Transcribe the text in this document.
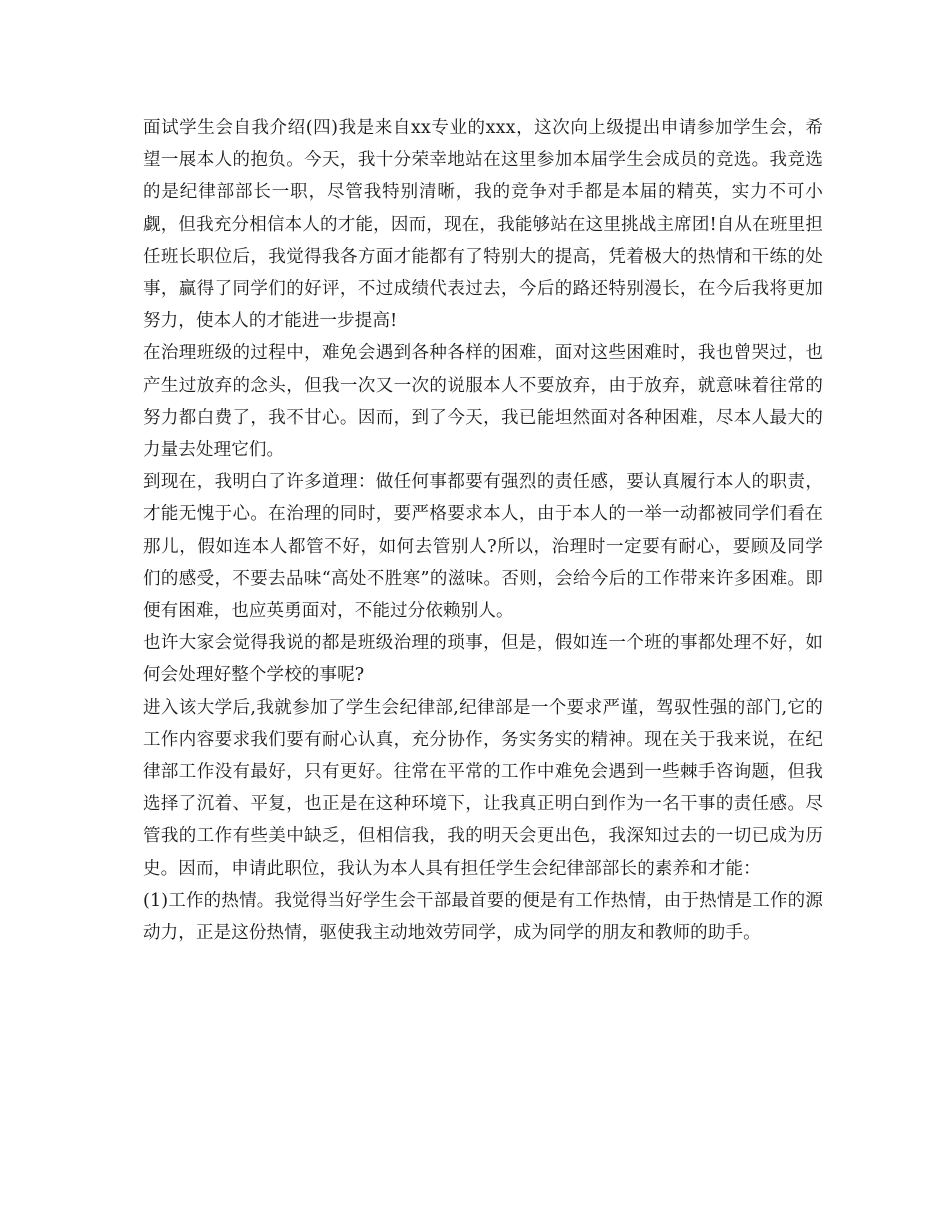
面试学生会自我介绍(四)我是来自xx专业的xxx，这次向上级提出申请参加学生会，希望一展本人的抱负。今天，我十分荣幸地站在这里参加本届学生会成员的竞选。我竞选的是纪律部部长一职，尽管我特别清晰，我的竞争对手都是本届的精英，实力不可小觑，但我充分相信本人的才能，因而，现在，我能够站在这里挑战主席团!自从在班里担任班长职位后，我觉得我各方面才能都有了特别大的提高，凭着极大的热情和干练的处事，赢得了同学们的好评，不过成绩代表过去，今后的路还特别漫长，在今后我将更加努力，使本人的才能进一步提高!

在治理班级的过程中，难免会遇到各种各样的困难，面对这些困难时，我也曾哭过，也产生过放弃的念头，但我一次又一次的说服本人不要放弃，由于放弃，就意味着往常的努力都白费了，我不甘心。因而，到了今天，我已能坦然面对各种困难，尽本人最大的力量去处理它们。

到现在，我明白了许多道理：做任何事都要有强烈的责任感，要认真履行本人的职责，才能无愧于心。在治理的同时，要严格要求本人，由于本人的一举一动都被同学们看在那儿，假如连本人都管不好，如何去管别人?所以，治理时一定要有耐心，要顾及同学们的感受，不要去品味“高处不胜寒”的滋味。否则，会给今后的工作带来许多困难。即便有困难，也应英勇面对，不能过分依赖别人。

也许大家会觉得我说的都是班级治理的琐事，但是，假如连一个班的事都处理不好，如何会处理好整个学校的事呢?

进入该大学后,我就参加了学生会纪律部,纪律部是一个要求严谨，驾驭性强的部门,它的工作内容要求我们要有耐心认真，充分协作，务实务实的精神。现在关于我来说，在纪律部工作没有最好，只有更好。往常在平常的工作中难免会遇到一些棘手咨询题，但我选择了沉着、平复，也正是在这种环境下，让我真正明白到作为一名干事的责任感。尽管我的工作有些美中缺乏，但相信我，我的明天会更出色，我深知过去的一切已成为历史。因而，申请此职位，我认为本人具有担任学生会纪律部部长的素养和才能：

(1)工作的热情。我觉得当好学生会干部最首要的便是有工作热情，由于热情是工作的源动力，正是这份热情，驱使我主动地效劳同学，成为同学的朋友和教师的助手。
